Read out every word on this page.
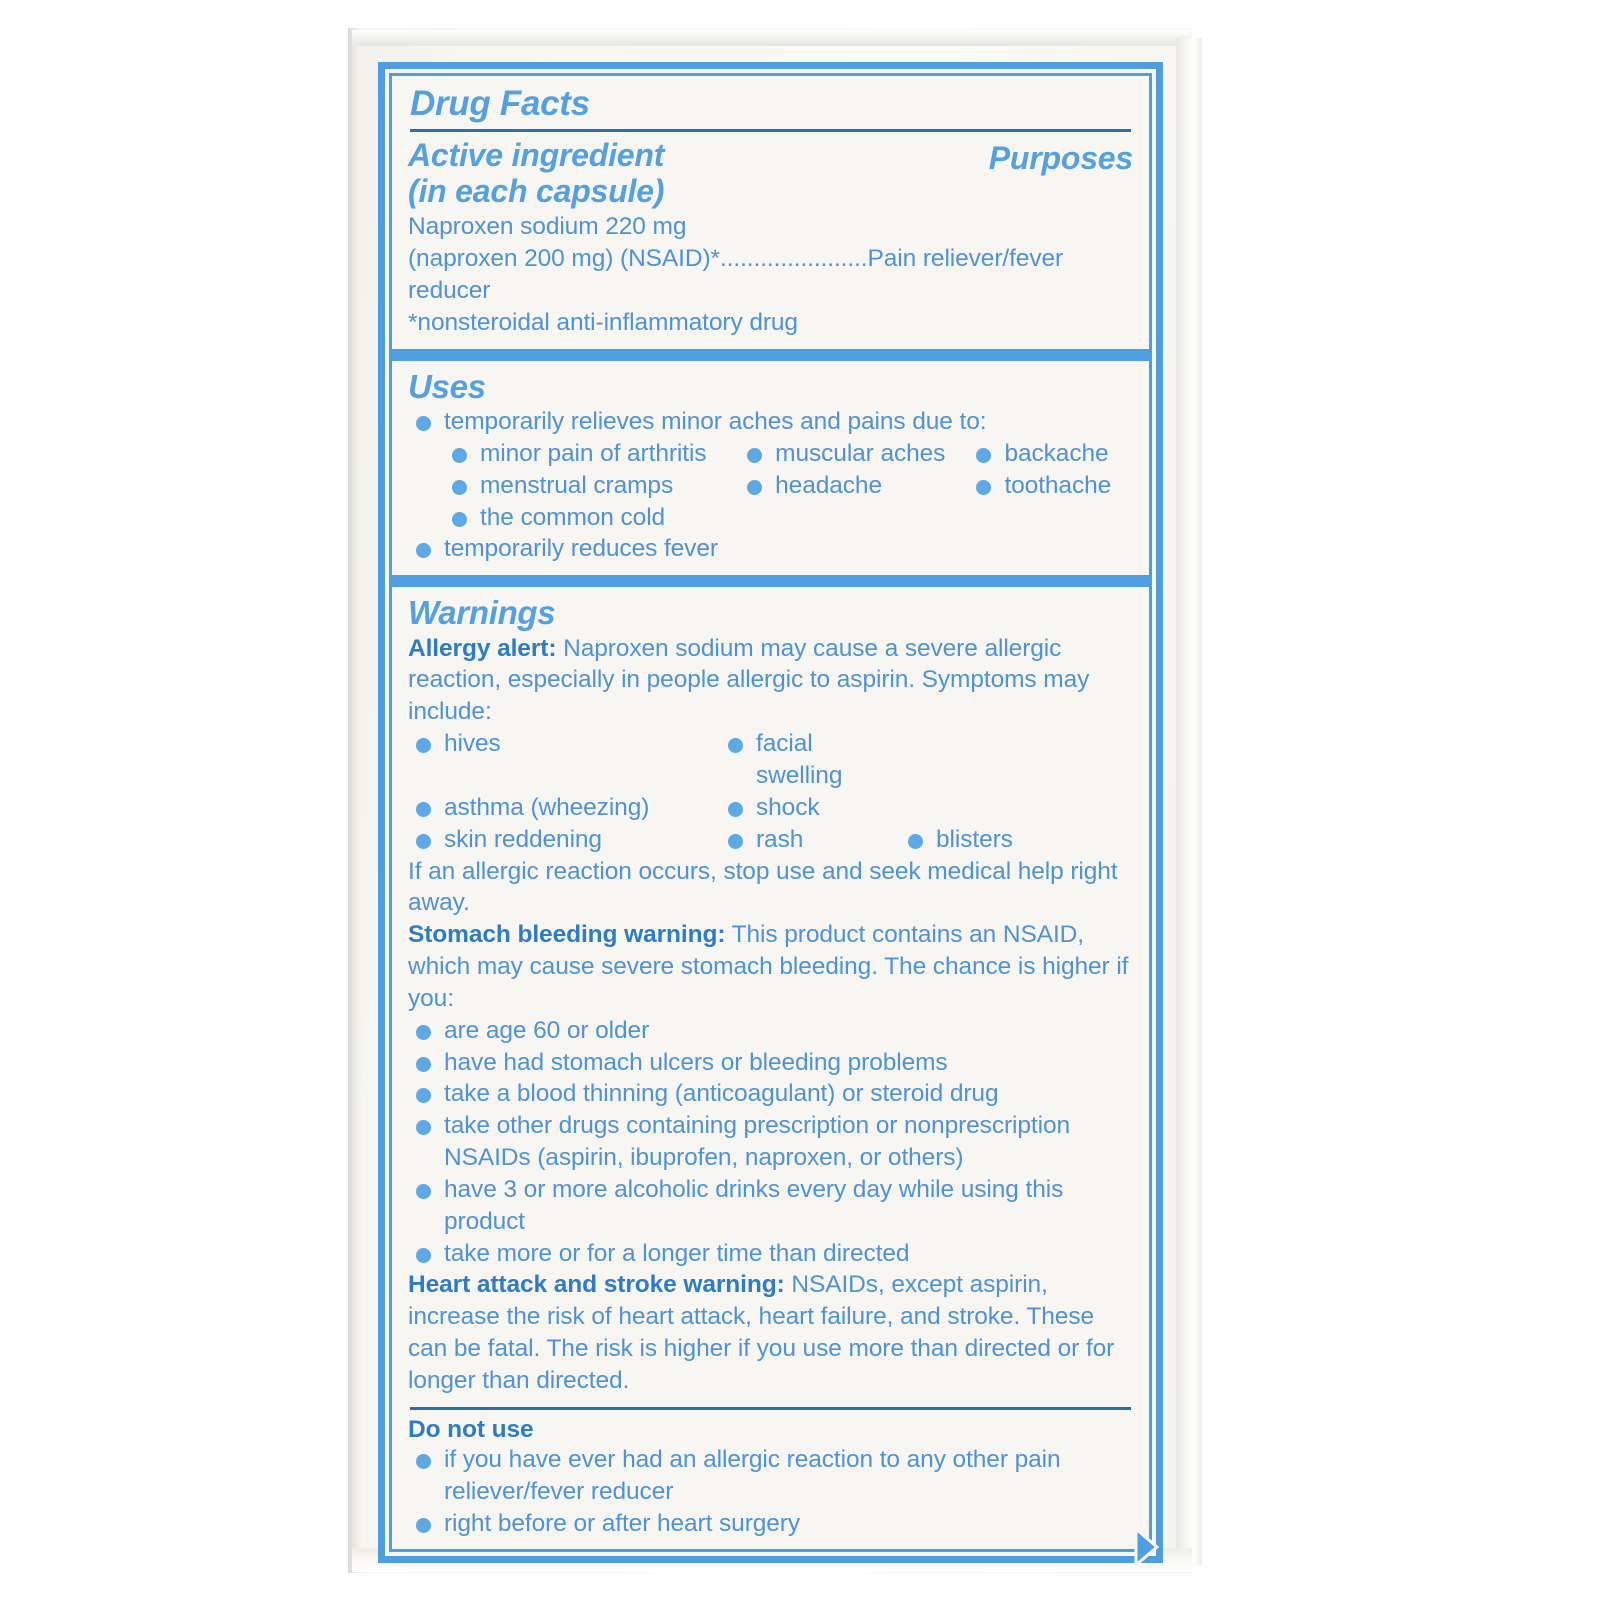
Drug Facts
Active ingredient
(in each capsule)
Purposes
Naproxen sodium 220 mg
(naproxen 200 mg) (NSAID)*......................Pain reliever/fever reducer
*nonsteroidal anti-inflammatory drug
Uses
temporarily relieves minor aches and pains due to:
minor pain of arthritis	muscular aches	backache
menstrual cramps	headache	toothache
the common cold
temporarily reduces fever
Warnings
Allergy alert: Naproxen sodium may cause a severe allergic reaction, especially in people allergic to aspirin. Symptoms may include:
hives	facial swelling
asthma (wheezing)	shock
skin reddening	rash	blisters
If an allergic reaction occurs, stop use and seek medical help right away.
Stomach bleeding warning: This product contains an NSAID, which may cause severe stomach bleeding. The chance is higher if you:
are age 60 or older
have had stomach ulcers or bleeding problems
take a blood thinning (anticoagulant) or steroid drug
take other drugs containing prescription or nonprescription NSAIDs (aspirin, ibuprofen, naproxen, or others)
have 3 or more alcoholic drinks every day while using this product
take more or for a longer time than directed
Heart attack and stroke warning: NSAIDs, except aspirin, increase the risk of heart attack, heart failure, and stroke. These can be fatal. The risk is higher if you use more than directed or for longer than directed.
Do not use
if you have ever had an allergic reaction to any other pain reliever/fever reducer
right before or after heart surgery
